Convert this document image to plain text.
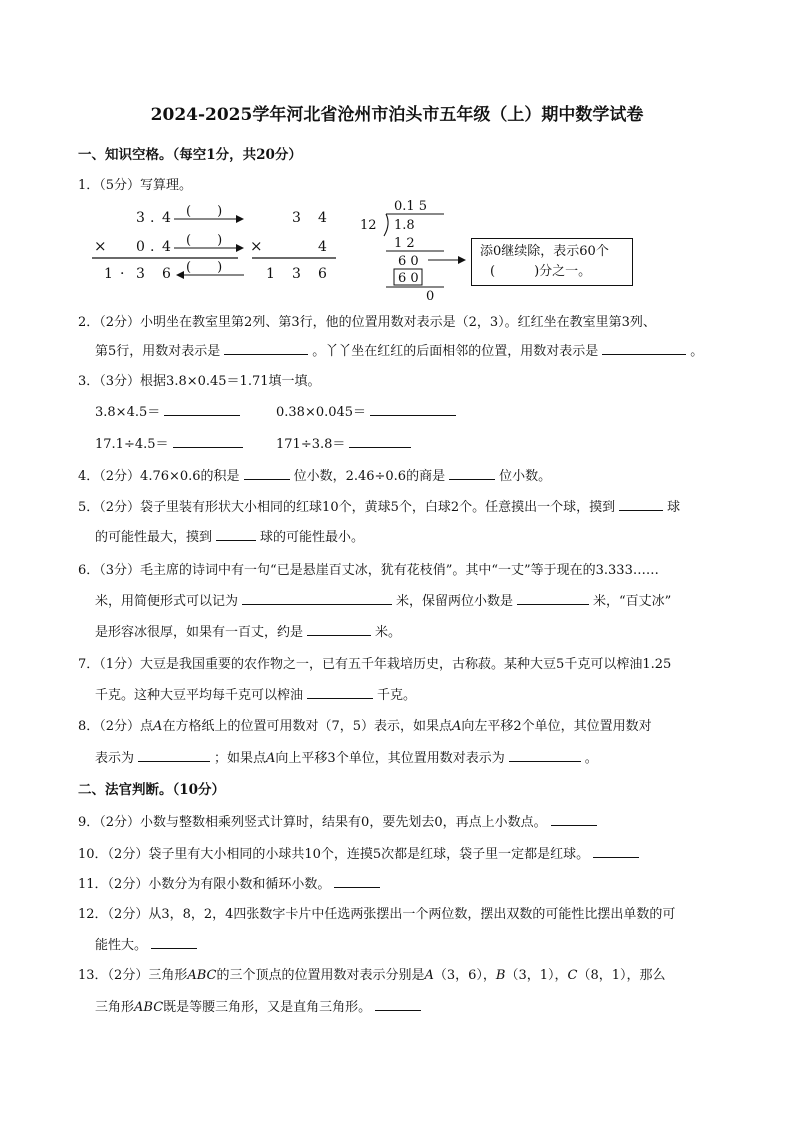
2024-2025学年河北省沧州市泊头市五年级（上）期中数学试卷
一、知识空格。（每空1分，共20分）
1．（5分）写算理。
3 . 4 (　　)
× 0 . 4 (　　)
1 · 3 6 (　　)
3 4
×	4
1 3 6
0.1 5
12 1.8
1 2
6 0
6 0
0
添0继续除，表示60个
(　　　)分之一。
2．（2分）小明坐在教室里第2列、第3行，他的位置用数对表示是（2，3）。红红坐在教室里第3列、
第5行，用数对表示是	。丫丫坐在红红的后面相邻的位置，用数对表示是	。
3．（3分）根据3.8×0.45＝1.71填一填。
3.8×4.5＝	0.38×0.045＝
17.1÷4.5＝	171÷3.8＝
4．（2分）4.76×0.6的积是	位小数，2.46÷0.6的商是	位小数。
5．（2分）袋子里装有形状大小相同的红球10个，黄球5个，白球2个。任意摸出一个球，摸到	球
的可能性最大，摸到	球的可能性最小。
6．（3分）毛主席的诗词中有一句“已是悬崖百丈冰，犹有花枝俏”。其中“一丈”等于现在的3.333……
米，用简便形式可以记为	米，保留两位小数是	米，“百丈冰”
是形容冰很厚，如果有一百丈，约是	米。
7．（1分）大豆是我国重要的农作物之一，已有五千年栽培历史，古称菽。某种大豆5千克可以榨油1.25
千克。这种大豆平均每千克可以榨油	千克。
8．（2分）点A在方格纸上的位置可用数对（7，5）表示，如果点A向左平移2个单位，其位置用数对
表示为	；如果点A向上平移3个单位，其位置用数对表示为	。
二、法官判断。（10分）
9．（2分）小数与整数相乘列竖式计算时，结果有0，要先划去0，再点上小数点。
10．（2分）袋子里有大小相同的小球共10个，连摸5次都是红球，袋子里一定都是红球。
11．（2分）小数分为有限小数和循环小数。
12．（2分）从3，8，2，4四张数字卡片中任选两张摆出一个两位数，摆出双数的可能性比摆出单数的可
能性大。
13．（2分）三角形ABC的三个顶点的位置用数对表示分别是A（3，6），B（3，1），C（8，1），那么
三角形ABC既是等腰三角形，又是直角三角形。
